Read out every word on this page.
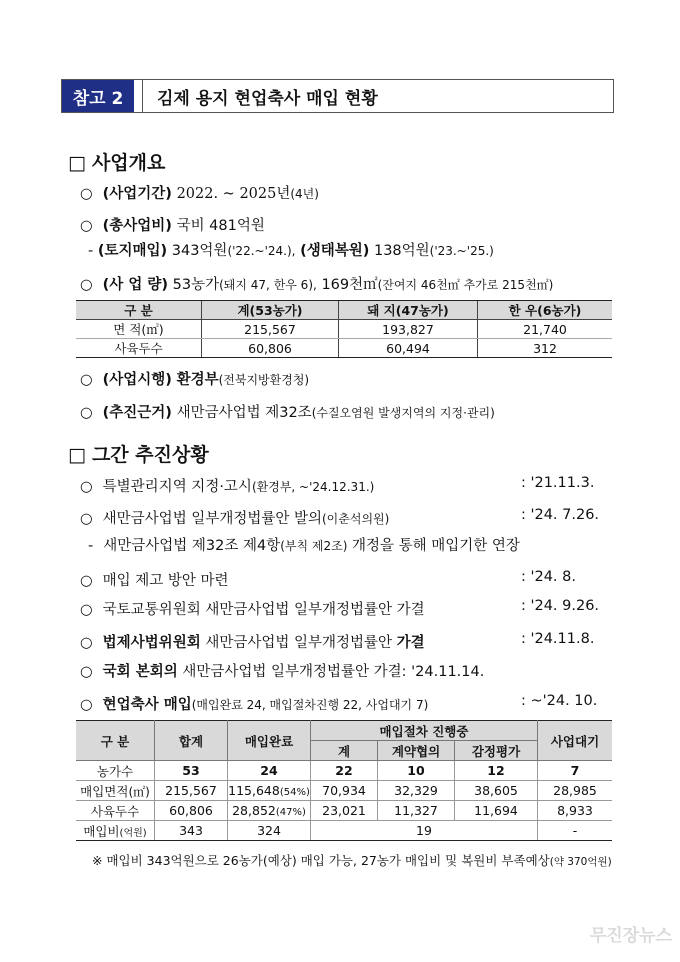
참고 2	김제 용지 현업축사 매입 현황
□ 사업개요
○ (사업기간) 2022. ~ 2025년(4년)
○ (총사업비) 국비 481억원
- (토지매입) 343억원('22.~'24.), (생태복원) 138억원('23.~'25.)
○ (사 업 량) 53농가(돼지 47, 한우 6), 169천㎡(잔여지 46천㎡ 추가로 215천㎡)
구 분	계(53농가)	돼 지(47농가)	한 우(6농가)
면 적(㎡)	215,567	193,827	21,740
사육두수	60,806	60,494	312
○ (사업시행) 환경부(전북지방환경청)
○ (추진근거) 새만금사업법 제32조(수질오염원 발생지역의 지정·관리)
□ 그간 추진상황
○ 특별관리지역 지정·고시(환경부, ~'24.12.31.)	: '21.11.3.
○ 새만금사업법 일부개정법률안 발의(이춘석의원)	: '24. 7.26.
- 새만금사업법 제32조 제4항(부칙 제2조) 개정을 통해 매입기한 연장
○ 매입 제고 방안 마련	: '24. 8.
○ 국토교통위원회 새만금사업법 일부개정법률안 가결	: '24. 9.26.
○ 법제사법위원회 새만금사업법 일부개정법률안 가결	: '24.11.8.
○ 국회 본회의 새만금사업법 일부개정법률안 가결: '24.11.14.
○ 현업축사 매입(매입완료 24, 매입절차진행 22, 사업대기 7)	: ~'24. 10.
구 분	합계	매입완료	매입절차 진행중			사업대기
			계	계약협의	감정평가	
농가수	53	24	22	10	12	7
매입면적(㎡)	215,567	115,648(54%)	70,934	32,329	38,605	28,985
사육두수	60,806	28,852(47%)	23,021	11,327	11,694	8,933
매입비(억원)	343	324	19			-
※ 매입비 343억원으로 26농가(예상) 매입 가능, 27농가 매입비 및 복원비 부족예상(약 370억원)
무진장뉴스
